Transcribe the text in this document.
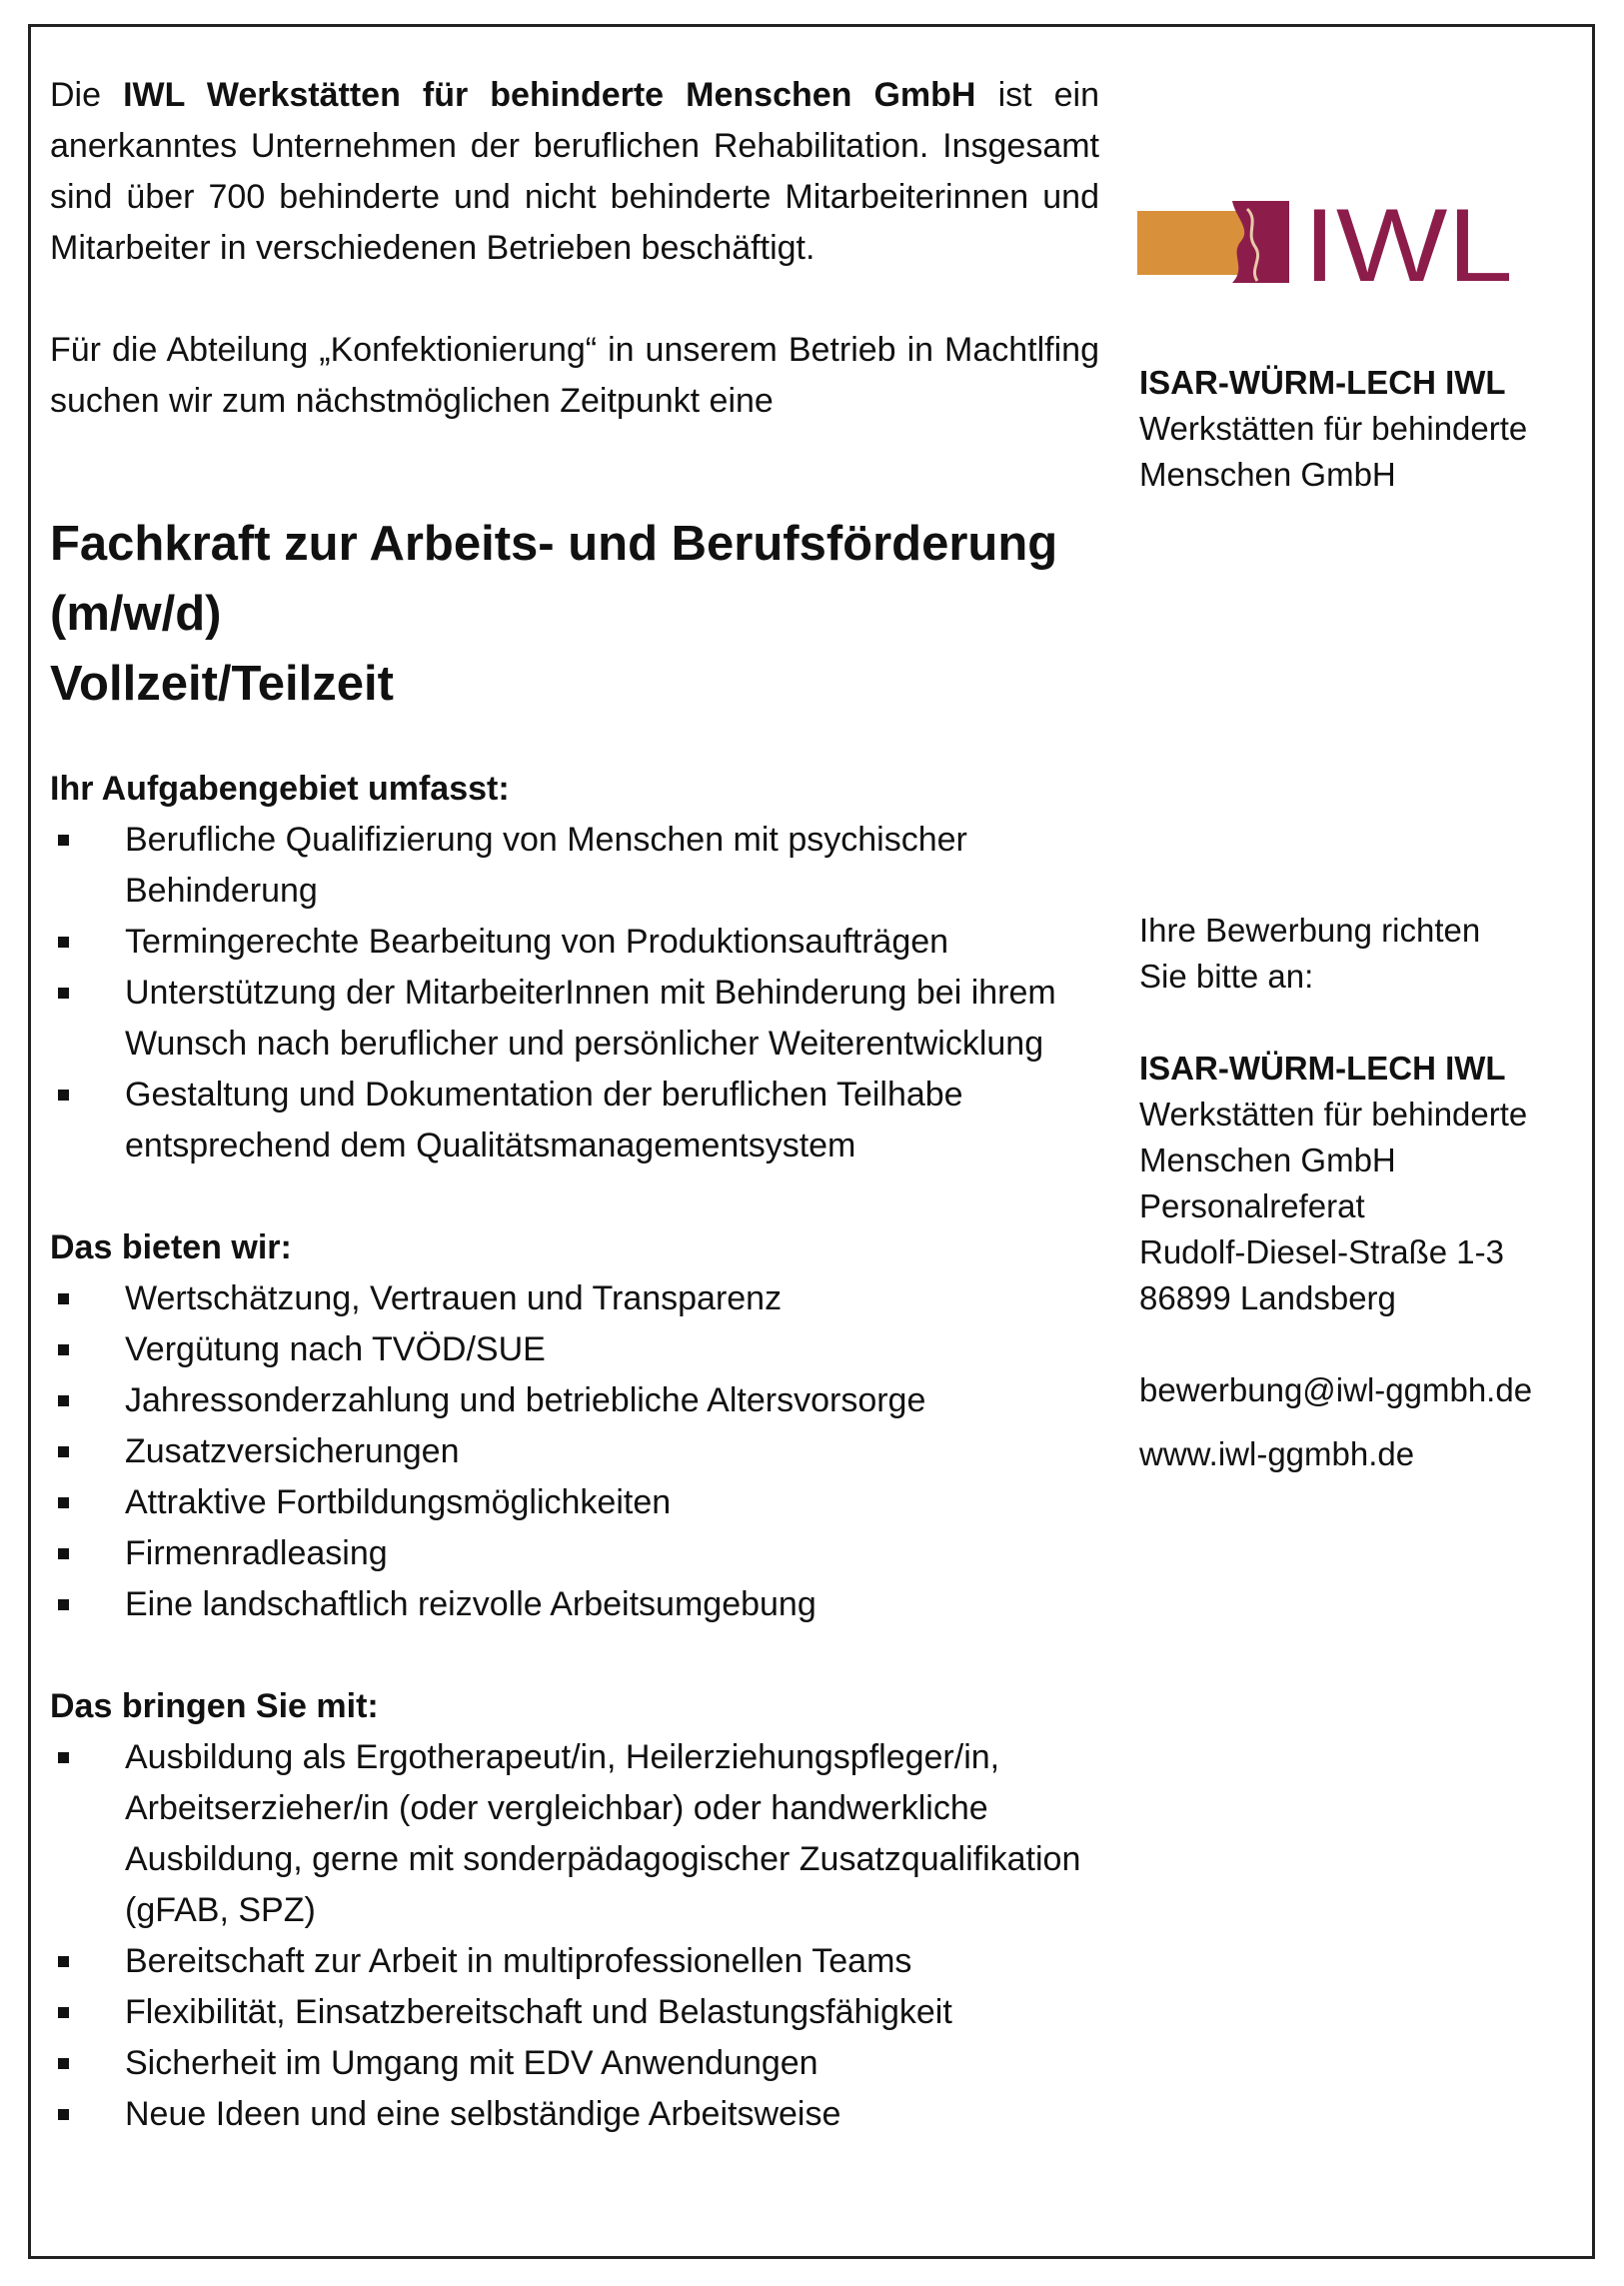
Die IWL Werkstätten für behinderte Menschen GmbH ist ein anerkanntes Unternehmen der beruflichen Rehabilitation. Insgesamt sind über 700 behinderte und nicht behinderte Mitarbeiterinnen und Mitarbeiter in verschiedenen Betrieben beschäftigt.

Für die Abteilung „Konfektionierung“ in unserem Betrieb in Machtlfing suchen wir zum nächstmöglichen Zeitpunkt eine

Fachkraft zur Arbeits- und Berufsförderung
(m/w/d)
Vollzeit/Teilzeit
Ihr Aufgabengebiet umfasst:
Berufliche Qualifizierung von Menschen mit psychischer Behinderung
Termingerechte Bearbeitung von Produktionsaufträgen
Unterstützung der MitarbeiterInnen mit Behinderung bei ihrem Wunsch nach beruflicher und persönlicher Weiterentwicklung
Gestaltung und Dokumentation der beruflichen Teilhabe entsprechend dem Qualitätsmanagementsystem
Das bieten wir:
Wertschätzung, Vertrauen und Transparenz
Vergütung nach TVÖD/SUE
Jahressonderzahlung und betriebliche Altersvorsorge
Zusatzversicherungen
Attraktive Fortbildungsmöglichkeiten
Firmenradleasing
Eine landschaftlich reizvolle Arbeitsumgebung
Das bringen Sie mit:
Ausbildung als Ergotherapeut/in, Heilerziehungspfleger/in, Arbeitserzieher/in (oder vergleichbar) oder handwerkliche Ausbildung, gerne mit sonderpädagogischer Zusatzqualifikation (gFAB, SPZ)
Bereitschaft zur Arbeit in multiprofessionellen Teams
Flexibilität, Einsatzbereitschaft und Belastungsfähigkeit
Sicherheit im Umgang mit EDV Anwendungen
Neue Ideen und eine selbständige Arbeitsweise
IWL
ISAR-WÜRM-LECH IWL
Werkstätten für behinderte
Menschen GmbH
Ihre Bewerbung richten
Sie bitte an:
ISAR-WÜRM-LECH IWL
Werkstätten für behinderte
Menschen GmbH
Personalreferat
Rudolf-Diesel-Straße 1-3
86899 Landsberg
bewerbung@iwl-ggmbh.de
www.iwl-ggmbh.de
